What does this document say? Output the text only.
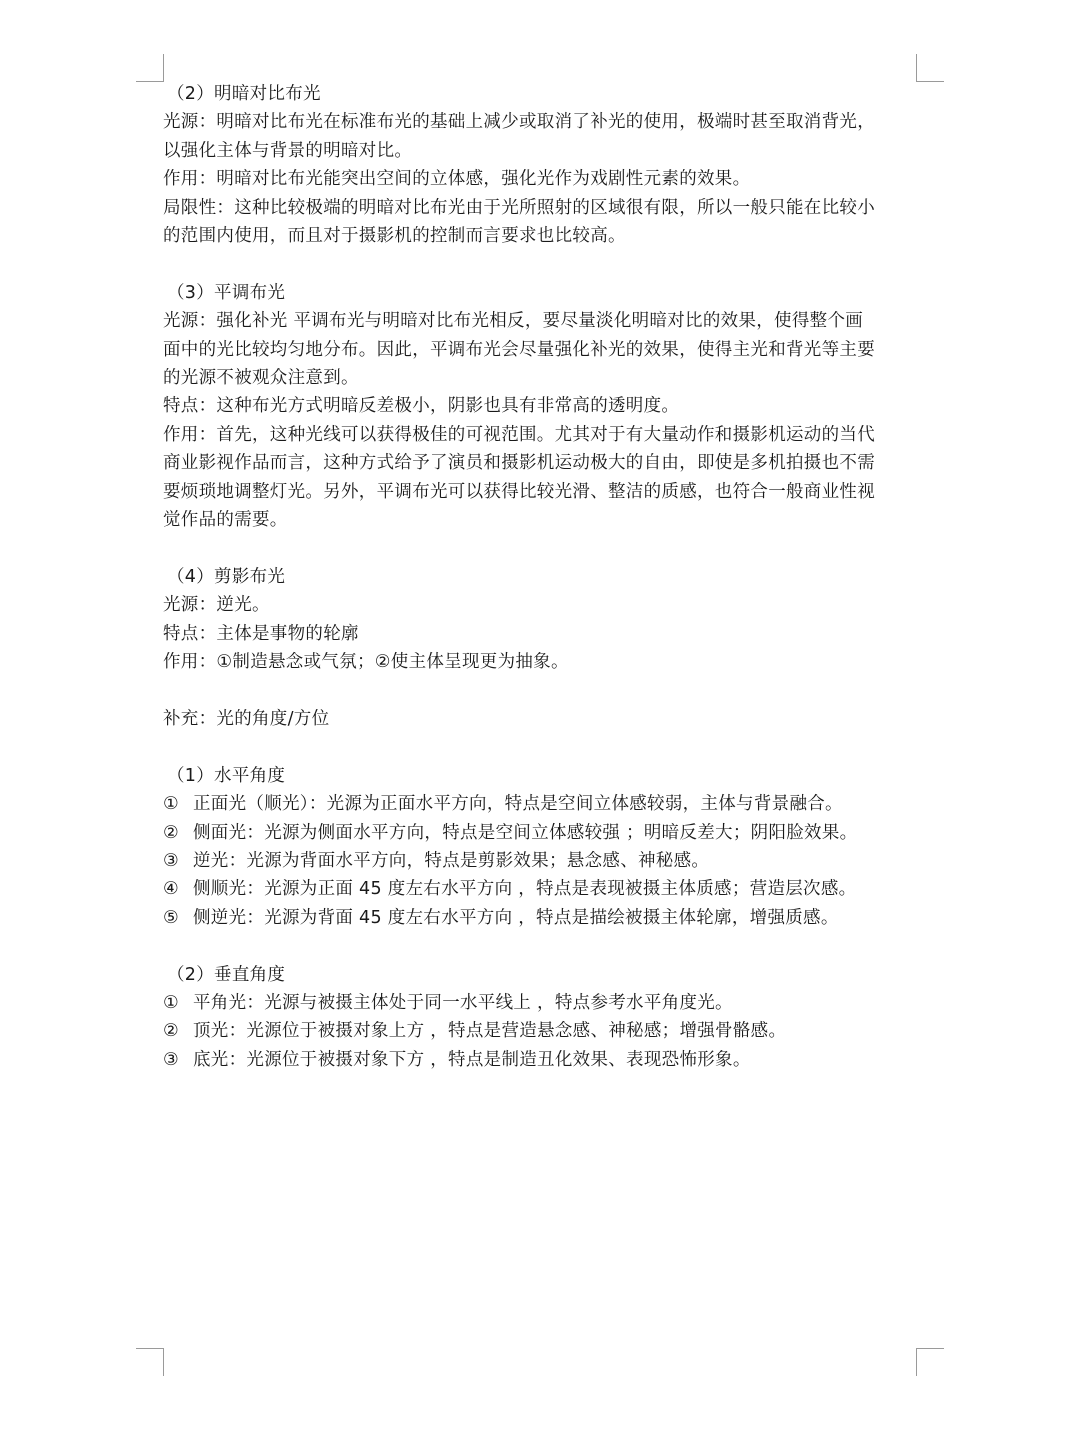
（2）明暗对比布光

光源：明暗对比布光在标准布光的基础上减少或取消了补光的使用，极端时甚至取消背光，

以强化主体与背景的明暗对比。

作用：明暗对比布光能突出空间的立体感，强化光作为戏剧性元素的效果。

局限性：这种比较极端的明暗对比布光由于光所照射的区域很有限，所以一般只能在比较小

的范围内使用，而且对于摄影机的控制而言要求也比较高。

（3）平调布光

光源：强化补光 平调布光与明暗对比布光相反，要尽量淡化明暗对比的效果，使得整个画

面中的光比较均匀地分布。因此，平调布光会尽量强化补光的效果，使得主光和背光等主要

的光源不被观众注意到。

特点：这种布光方式明暗反差极小，阴影也具有非常高的透明度。

作用：首先，这种光线可以获得极佳的可视范围。尤其对于有大量动作和摄影机运动的当代

商业影视作品而言，这种方式给予了演员和摄影机运动极大的自由，即使是多机拍摄也不需

要烦琐地调整灯光。另外，平调布光可以获得比较光滑、整洁的质感，也符合一般商业性视

觉作品的需要。

（4）剪影布光

光源：逆光。

特点：主体是事物的轮廓

作用：①制造悬念或气氛；②使主体呈现更为抽象。

补充：光的角度/方位

（1）水平角度

① 正面光（顺光）：光源为正面水平方向，特点是空间立体感较弱，主体与背景融合。
② 侧面光：光源为侧面水平方向，特点是空间立体感较强 ；明暗反差大；阴阳脸效果。
③ 逆光：光源为背面水平方向，特点是剪影效果；悬念感、神秘感。
④ 侧顺光：光源为正面 45 度左右水平方向 ，特点是表现被摄主体质感；营造层次感。
⑤ 侧逆光：光源为背面 45 度左右水平方向 ，特点是描绘被摄主体轮廓，增强质感。

（2）垂直角度

① 平角光：光源与被摄主体处于同一水平线上 ，特点参考水平角度光。
② 顶光：光源位于被摄对象上方 ，特点是营造悬念感、神秘感；增强骨骼感。
③ 底光：光源位于被摄对象下方 ，特点是制造丑化效果、表现恐怖形象。
